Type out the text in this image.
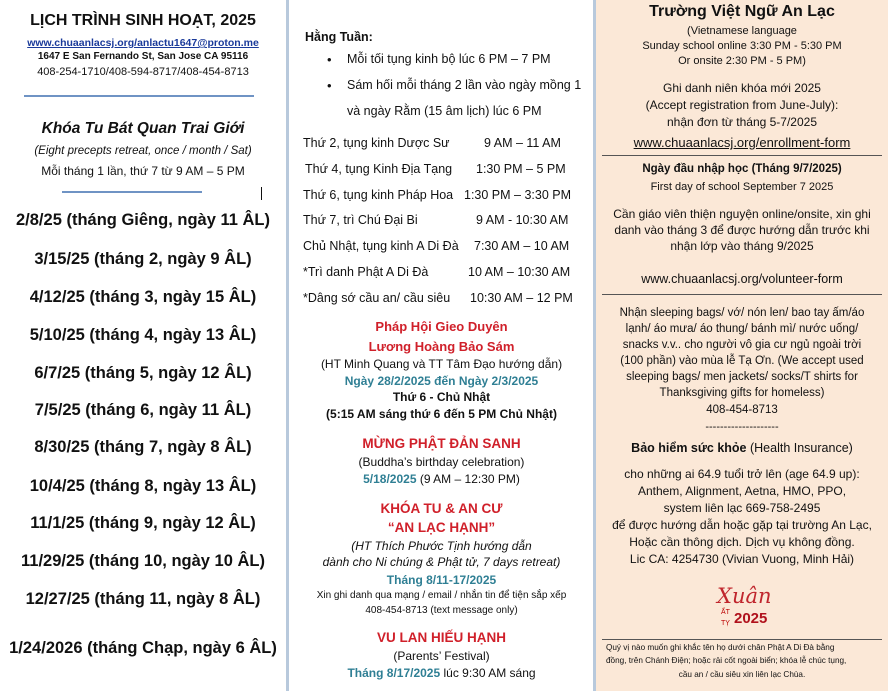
LỊCH TRÌNH SINH HOẠT, 2025
www.chuaanlacsj.org/anlactu1647@proton.me
1647 E San Fernando St, San Jose CA 95116
408-254-1710/408-594-8717/408-454-8713
Khóa Tu Bát Quan Trai Giới
(Eight precepts retreat, once / month / Sat)
Mỗi tháng 1 lần, thứ 7 từ 9 AM – 5 PM
2/8/25 (tháng Giêng, ngày 11 ÂL)
3/15/25 (tháng 2, ngày 9 ÂL)
4/12/25 (tháng 3, ngày 15 ÂL)
5/10/25 (tháng 4, ngày 13 ÂL)
6/7/25 (tháng 5, ngày 12 ÂL)
7/5/25 (tháng 6, ngày 11 ÂL)
8/30/25 (tháng 7, ngày 8 ÂL)
10/4/25 (tháng 8, ngày 13 ÂL)
11/1/25 (tháng 9, ngày 12 ÂL)
11/29/25 (tháng 10, ngày 10 ÂL)
12/27/25 (tháng 11, ngày 8 ÂL)
1/24/2026 (tháng Chạp, ngày 6 ÂL)
Hằng Tuần:
• Mỗi tối tụng kinh bộ lúc 6 PM – 7 PM
• Sám hối mỗi tháng 2 lần vào ngày mồng 1
và ngày Rằm (15 âm lịch) lúc 6 PM
Thứ 2, tụng kinh Dược Sư	9 AM – 11 AM
Thứ 4, tụng Kinh Địa Tạng 1:30 PM – 5 PM
Thứ 6, tụng kinh Pháp Hoa 1:30 PM – 3:30 PM
Thứ 7, trì Chú Đại Bi	9 AM - 10:30 AM
Chủ Nhật, tụng kinh A Di Đà 7:30 AM – 10 AM
*Trì danh Phật A Di Đà	10 AM – 10:30 AM
*Dâng sớ cầu an/ cầu siêu 10:30 AM – 12 PM
Pháp Hội Gieo Duyên
Lương Hoàng Bảo Sám
(HT Minh Quang và TT Tâm Đạo hướng dẫn)
Ngày 28/2/2025 đến Ngày 2/3/2025
Thứ 6 - Chủ Nhật
(5:15 AM sáng thứ 6 đến 5 PM Chủ Nhật)
MỪNG PHẬT ĐẢN SANH
(Buddha’s birthday celebration)
5/18/2025 (9 AM – 12:30 PM)
KHÓA TU & AN CƯ
“AN LẠC HẠNH”
(HT Thích Phước Tịnh hướng dẫn
dành cho Ni chúng & Phật tử, 7 days retreat)
Tháng 8/11-17/2025
Xin ghi danh qua mạng / email / nhắn tin để tiện sắp xếp
408-454-8713 (text message only)
VU LAN HIẾU HẠNH
(Parents’ Festival)
Tháng 8/17/2025 lúc 9:30 AM sáng
Trường Việt Ngữ An Lạc
(Vietnamese language
Sunday school online 3:30 PM - 5:30 PM
Or onsite 2:30 PM - 5 PM)
Ghi danh niên khóa mới 2025
(Accept registration from June-July):
nhận đơn từ tháng 5-7/2025
www.chuaanlacsj.org/enrollment-form
Ngày đầu nhập học (Tháng 9/7/2025)
First day of school September 7 2025
Cần giáo viên thiện nguyện online/onsite, xin ghi
danh vào tháng 3 để được hướng dẫn trước khi
nhận lớp vào tháng 9/2025
www.chuaanlacsj.org/volunteer-form
Nhận sleeping bags/ vớ/ nón len/ bao tay ấm/áo
lạnh/ áo mưa/ áo thung/ bánh mì/ nước uống/
snacks v.v.. cho người vô gia cư ngủ ngoài trời
(100 phần) vào mùa lễ Tạ Ơn. (We accept used
sleeping bags/ men jackets/ socks/T shirts for
Thanksgiving gifts for homeless)
408-454-8713
--------------------
Bảo hiểm sức khỏe (Health Insurance)
cho những ai 64.9 tuổi trở lên (age 64.9 up):
Anthem, Alignment, Aetna, HMO, PPO,
system liên lạc 669-758-2495
để được hướng dẫn hoặc gặp tại trường An Lạc,
Hoặc cần thông dịch. Dịch vụ không đồng.
Lic CA: 4254730 (Vivian Vuong, Minh Hải)
Xuân
ẤT
TỴ 2025
Quý vị nào muốn ghi khắc tên họ dưới chân Phật A Di Đà bằng
đồng, trên Chánh Điện; hoặc rải cốt ngoài biển; khóa lễ chúc tụng,
cầu an / cầu siêu xin liên lạc Chùa.
